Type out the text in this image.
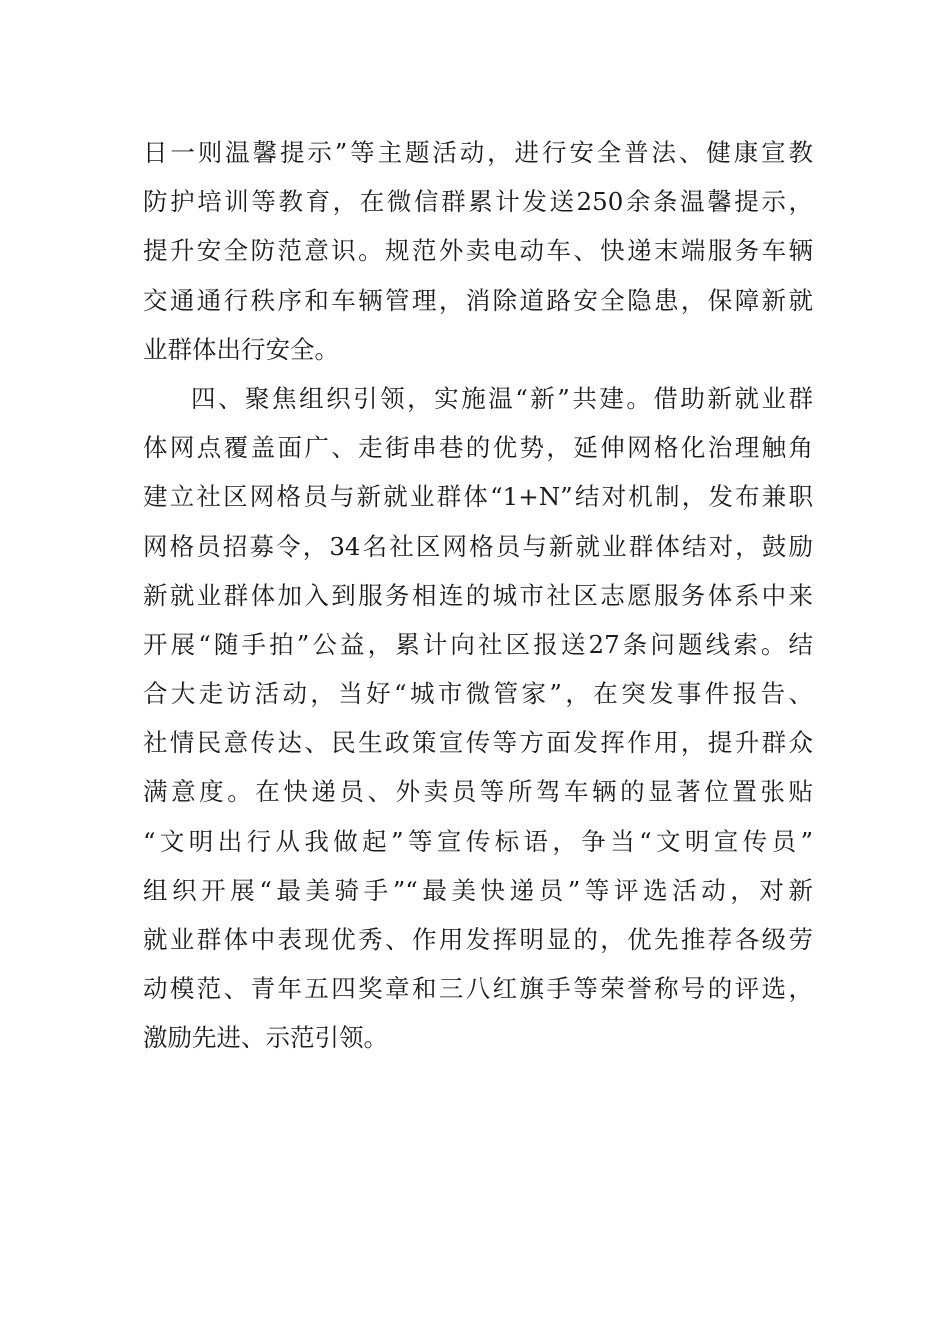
日一则温馨提示”等主题活动，进行安全普法、健康宣教
防护培训等教育，在微信群累计发送250余条温馨提示，
提升安全防范意识。规范外卖电动车、快递末端服务车辆
交通通行秩序和车辆管理，消除道路安全隐患，保障新就
业群体出行安全。
四、聚焦组织引领，实施温“新”共建。借助新就业群
体网点覆盖面广、走街串巷的优势，延伸网格化治理触角
建立社区网格员与新就业群体“1+N”结对机制，发布兼职
网格员招募令，34名社区网格员与新就业群体结对，鼓励
新就业群体加入到服务相连的城市社区志愿服务体系中来
开展“随手拍”公益，累计向社区报送27条问题线索。结
合大走访活动，当好“城市微管家”，在突发事件报告、
社情民意传达、民生政策宣传等方面发挥作用，提升群众
满意度。在快递员、外卖员等所驾车辆的显著位置张贴
“文明出行从我做起”等宣传标语，争当“文明宣传员”
组织开展“最美骑手”“最美快递员”等评选活动，对新
就业群体中表现优秀、作用发挥明显的，优先推荐各级劳
动模范、青年五四奖章和三八红旗手等荣誉称号的评选，
激励先进、示范引领。
